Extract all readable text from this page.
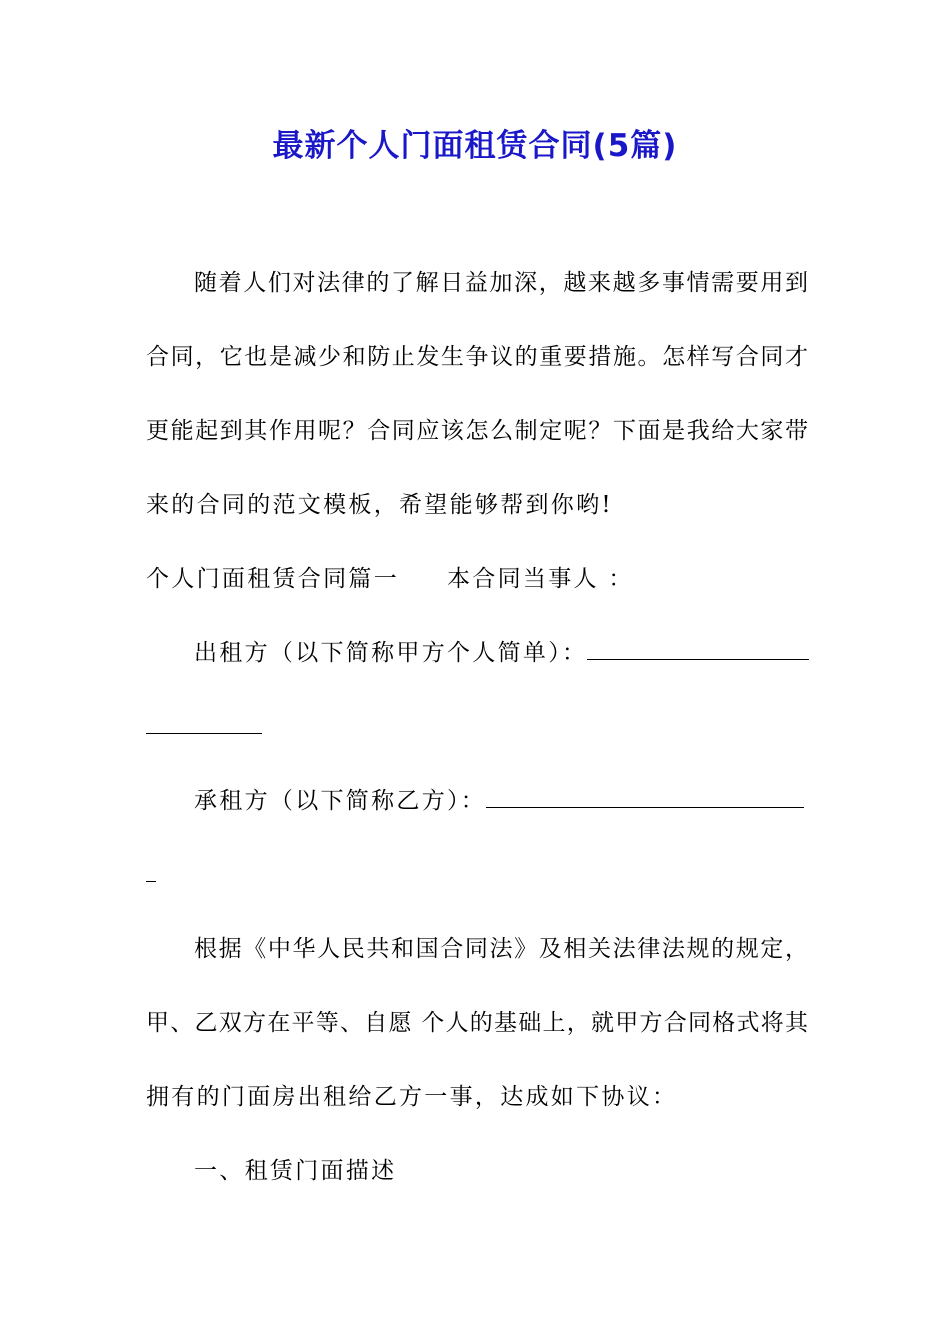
最新个人门面租赁合同(5篇)
随着人们对法律的了解日益加深，越来越多事情需要用到
合同，它也是减少和防止发生争议的重要措施。怎样写合同才
更能起到其作用呢？合同应该怎么制定呢？下面是我给大家带
来的合同的范文模板，希望能够帮到你哟!
个人门面租赁合同篇一 本合同当事人 ：
出租方（以下简称甲方个人简单）：
承租方（以下简称乙方）：
根据《中华人民共和国合同法》及相关法律法规的规定，
甲、乙双方在平等、自愿 个人的基础上，就甲方合同格式将其
拥有的门面房出租给乙方一事，达成如下协议：
一、租赁门面描述
